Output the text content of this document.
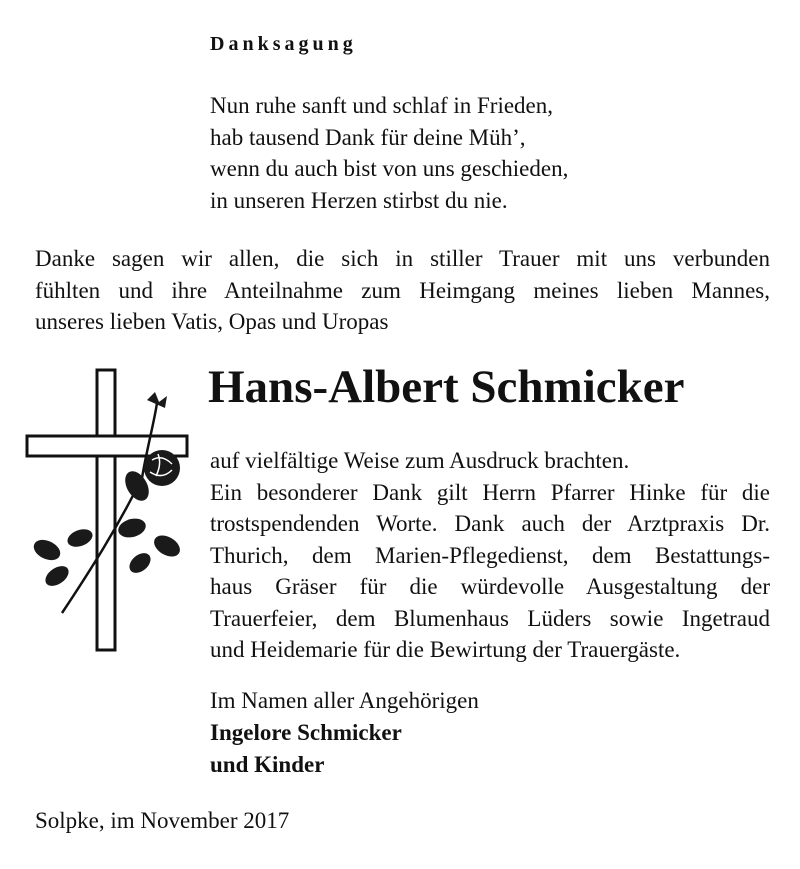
Danksagung
Nun ruhe sanft und schlaf in Frieden,
hab tausend Dank für deine Müh’,
wenn du auch bist von uns geschieden,
in unseren Herzen stirbst du nie.
Danke sagen wir allen, die sich in stiller Trauer mit uns verbunden
fühlten und ihre Anteilnahme zum Heimgang meines lieben Mannes,
unseres lieben Vatis, Opas und Uropas
Hans-Albert Schmicker
auf vielfältige Weise zum Ausdruck brachten.
Ein besonderer Dank gilt Herrn Pfarrer Hinke für die
trostspendenden Worte. Dank auch der Arztpraxis Dr.
Thurich, dem Marien-Pflegedienst, dem Bestattungs-
haus Gräser für die würdevolle Ausgestaltung der
Trauerfeier, dem Blumenhaus Lüders sowie Ingetraud
und Heidemarie für die Bewirtung der Trauergäste.
Im Namen aller Angehörigen
Ingelore Schmicker
und Kinder
Solpke, im November 2017
